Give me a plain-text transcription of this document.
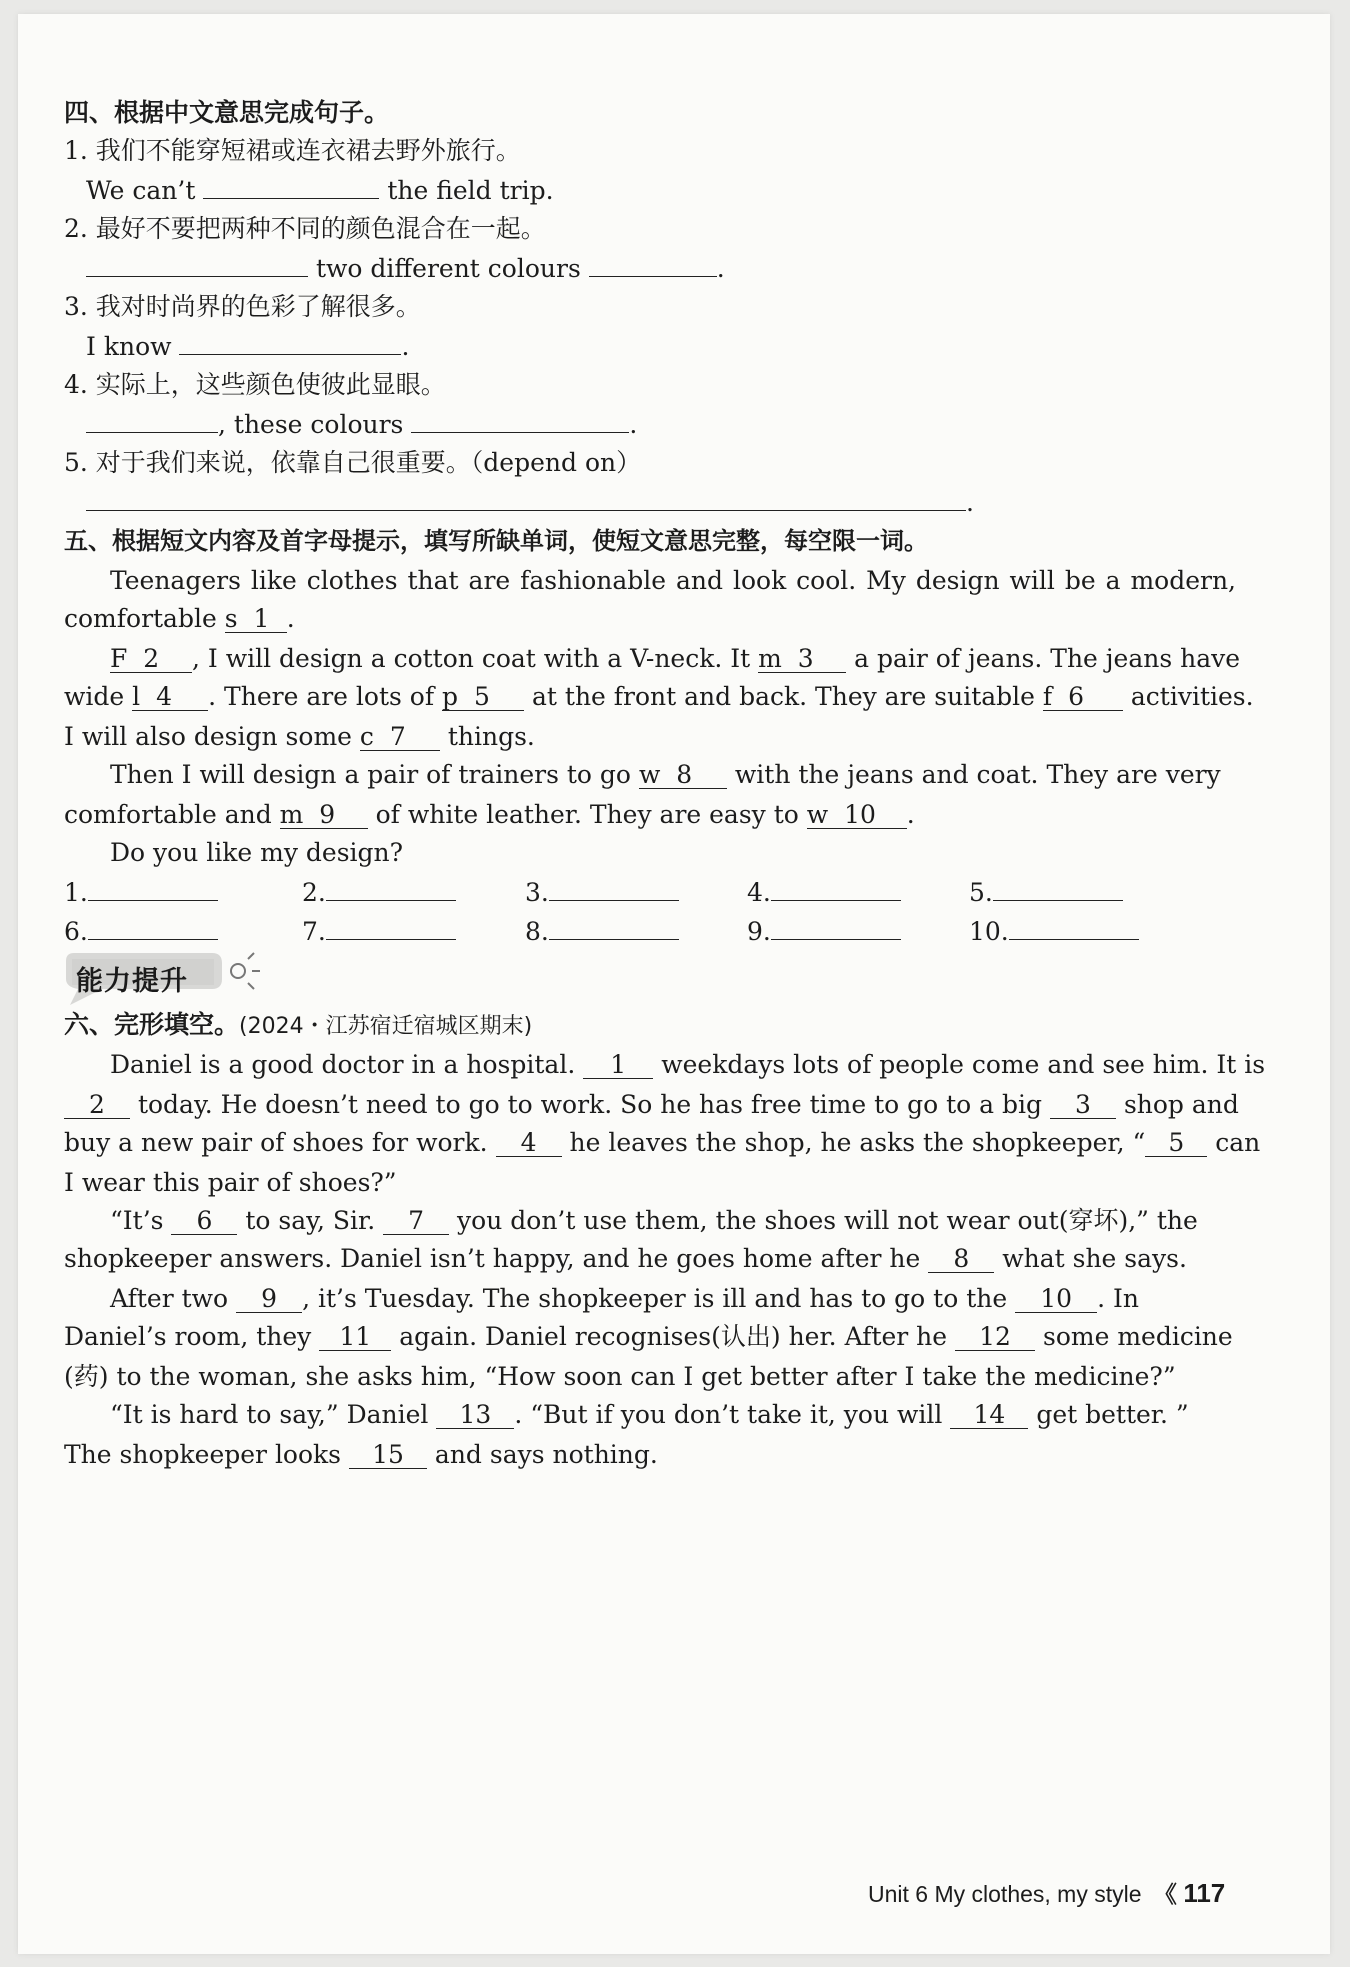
四、根据中文意思完成句子。
1. 我们不能穿短裙或连衣裙去野外旅行。
We can’t	the field trip.
2. 最好不要把两种不同的颜色混合在一起。
two different colours	.
3. 我对时尚界的色彩了解很多。
I know	.
4. 实际上，这些颜色使彼此显眼。
, these colours	.
5. 对于我们来说，依靠自己很重要。（depend on）
.
五、根据短文内容及首字母提示，填写所缺单词，使短文意思完整，每空限一词。
Teenagers like clothes that are fashionable and look cool. My design will be a modern,
comfortable s 1 .
F 2 , I will design a cotton coat with a V-neck. It m 3 a pair of jeans. The jeans have
wide l 4 . There are lots of p 5 at the front and back. They are suitable f 6 activities.
I will also design some c 7 things.
Then I will design a pair of trainers to go w 8 with the jeans and coat. They are very
comfortable and m 9 of white leather. They are easy to w 10 .
Do you like my design?
1.	2.	3.	4.	5.
6.	7.	8.	9.	10.
能力提升
六、完形填空。(2024・江苏宿迁宿城区期末)
Daniel is a good doctor in a hospital. 1 weekdays lots of people come and see him. It is
2 today. He doesn’t need to go to work. So he has free time to go to a big 3 shop and
buy a new pair of shoes for work. 4 he leaves the shop, he asks the shopkeeper, “ 5 can
I wear this pair of shoes?”
“It’s 6 to say, Sir. 7 you don’t use them, the shoes will not wear out(穿坏),” the
shopkeeper answers. Daniel isn’t happy, and he goes home after he 8 what she says.
After two 9 , it’s Tuesday. The shopkeeper is ill and has to go to the 10 . In
Daniel’s room, they 11 again. Daniel recognises(认出) her. After he 12 some medicine
(药) to the woman, she asks him, “How soon can I get better after I take the medicine?”
“It is hard to say,” Daniel 13 . “But if you don’t take it, you will 14 get better. ”
The shopkeeper looks 15 and says nothing.
Unit 6 My clothes, my style 《 117
